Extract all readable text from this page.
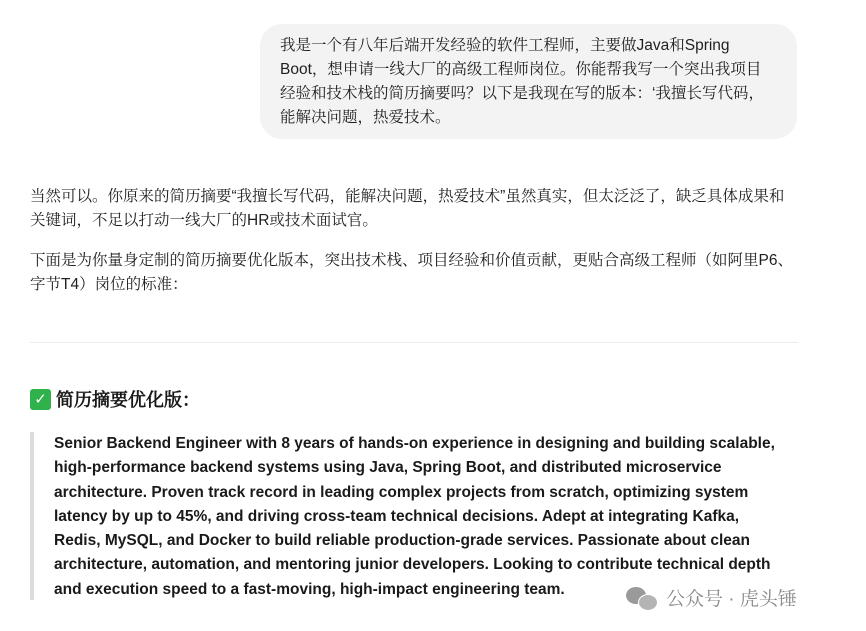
我是一个有八年后端开发经验的软件工程师，主要做Java和Spring

Boot，想申请一线大厂的高级工程师岗位。你能帮我写一个突出我项目

经验和技术栈的简历摘要吗？以下是我现在写的版本：‘我擅长写代码，

能解决问题，热爱技术。

当然可以。你原来的简历摘要“我擅长写代码，能解决问题，热爱技术”虽然真实，但太泛泛了，缺乏具体成果和
关键词，不足以打动一线大厂的HR或技术面试官。

下面是为你量身定制的简历摘要优化版本，突出技术栈、项目经验和价值贡献，更贴合高级工程师（如阿里P6、
字节T4）岗位的标准：

✓ 简历摘要优化版：

Senior Backend Engineer with 8 years of hands-on experience in designing and building scalable,
high-performance backend systems using Java, Spring Boot, and distributed microservice
architecture. Proven track record in leading complex projects from scratch, optimizing system
latency by up to 45%, and driving cross-team technical decisions. Adept at integrating Kafka,
Redis, MySQL, and Docker to build reliable production-grade services. Passionate about clean
architecture, automation, and mentoring junior developers. Looking to contribute technical depth
and execution speed to a fast-moving, high-impact engineering team.	公众号 · 虎头锤
